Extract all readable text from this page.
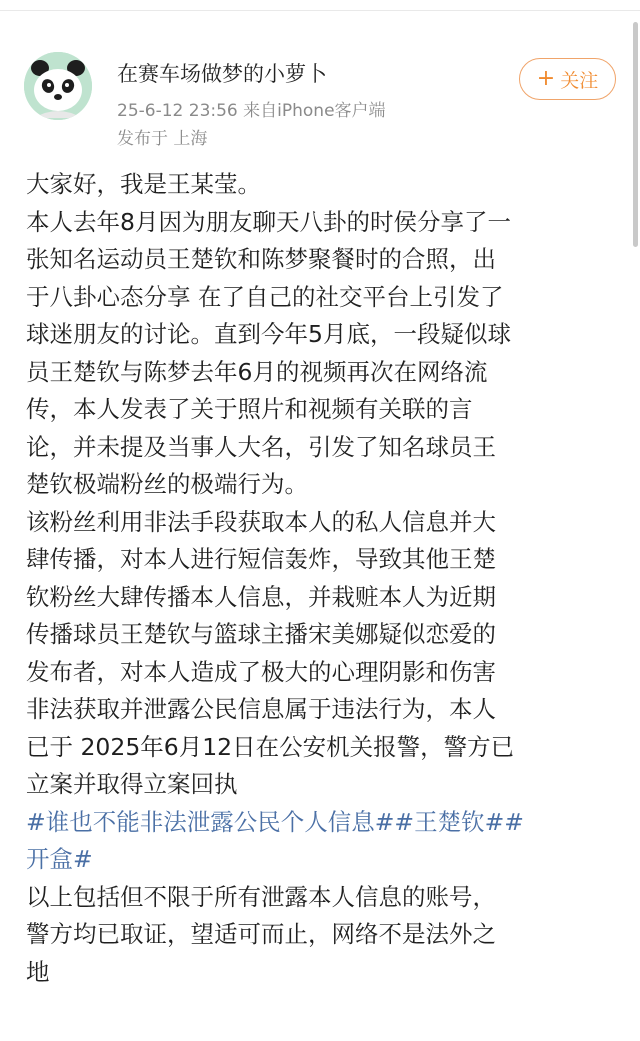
在赛车场做梦的小萝卜
25-6-12 23:56 来自iPhone客户端
发布于 上海
+ 关注
大家好，我是王某莹。
本人去年8月因为朋友聊天八卦的时侯分享了一
张知名运动员王楚钦和陈梦聚餐时的合照，出
于八卦心态分享 在了自己的社交平台上引发了
球迷朋友的讨论。直到今年5月底，一段疑似球
员王楚钦与陈梦去年6月的视频再次在网络流
传，本人发表了关于照片和视频有关联的言
论，并未提及当事人大名，引发了知名球员王
楚钦极端粉丝的极端行为。
该粉丝利用非法手段获取本人的私人信息并大
肆传播，对本人进行短信轰炸，导致其他王楚
钦粉丝大肆传播本人信息，并栽赃本人为近期
传播球员王楚钦与篮球主播宋美娜疑似恋爱的
发布者，对本人造成了极大的心理阴影和伤害
非法获取并泄露公民信息属于违法行为，本人
已于 2025年6月12日在公安机关报警，警方已
立案并取得立案回执
#谁也不能非法泄露公民个人信息##王楚钦##
开盒#
以上包括但不限于所有泄露本人信息的账号，
警方均已取证，望适可而止，网络不是法外之
地
